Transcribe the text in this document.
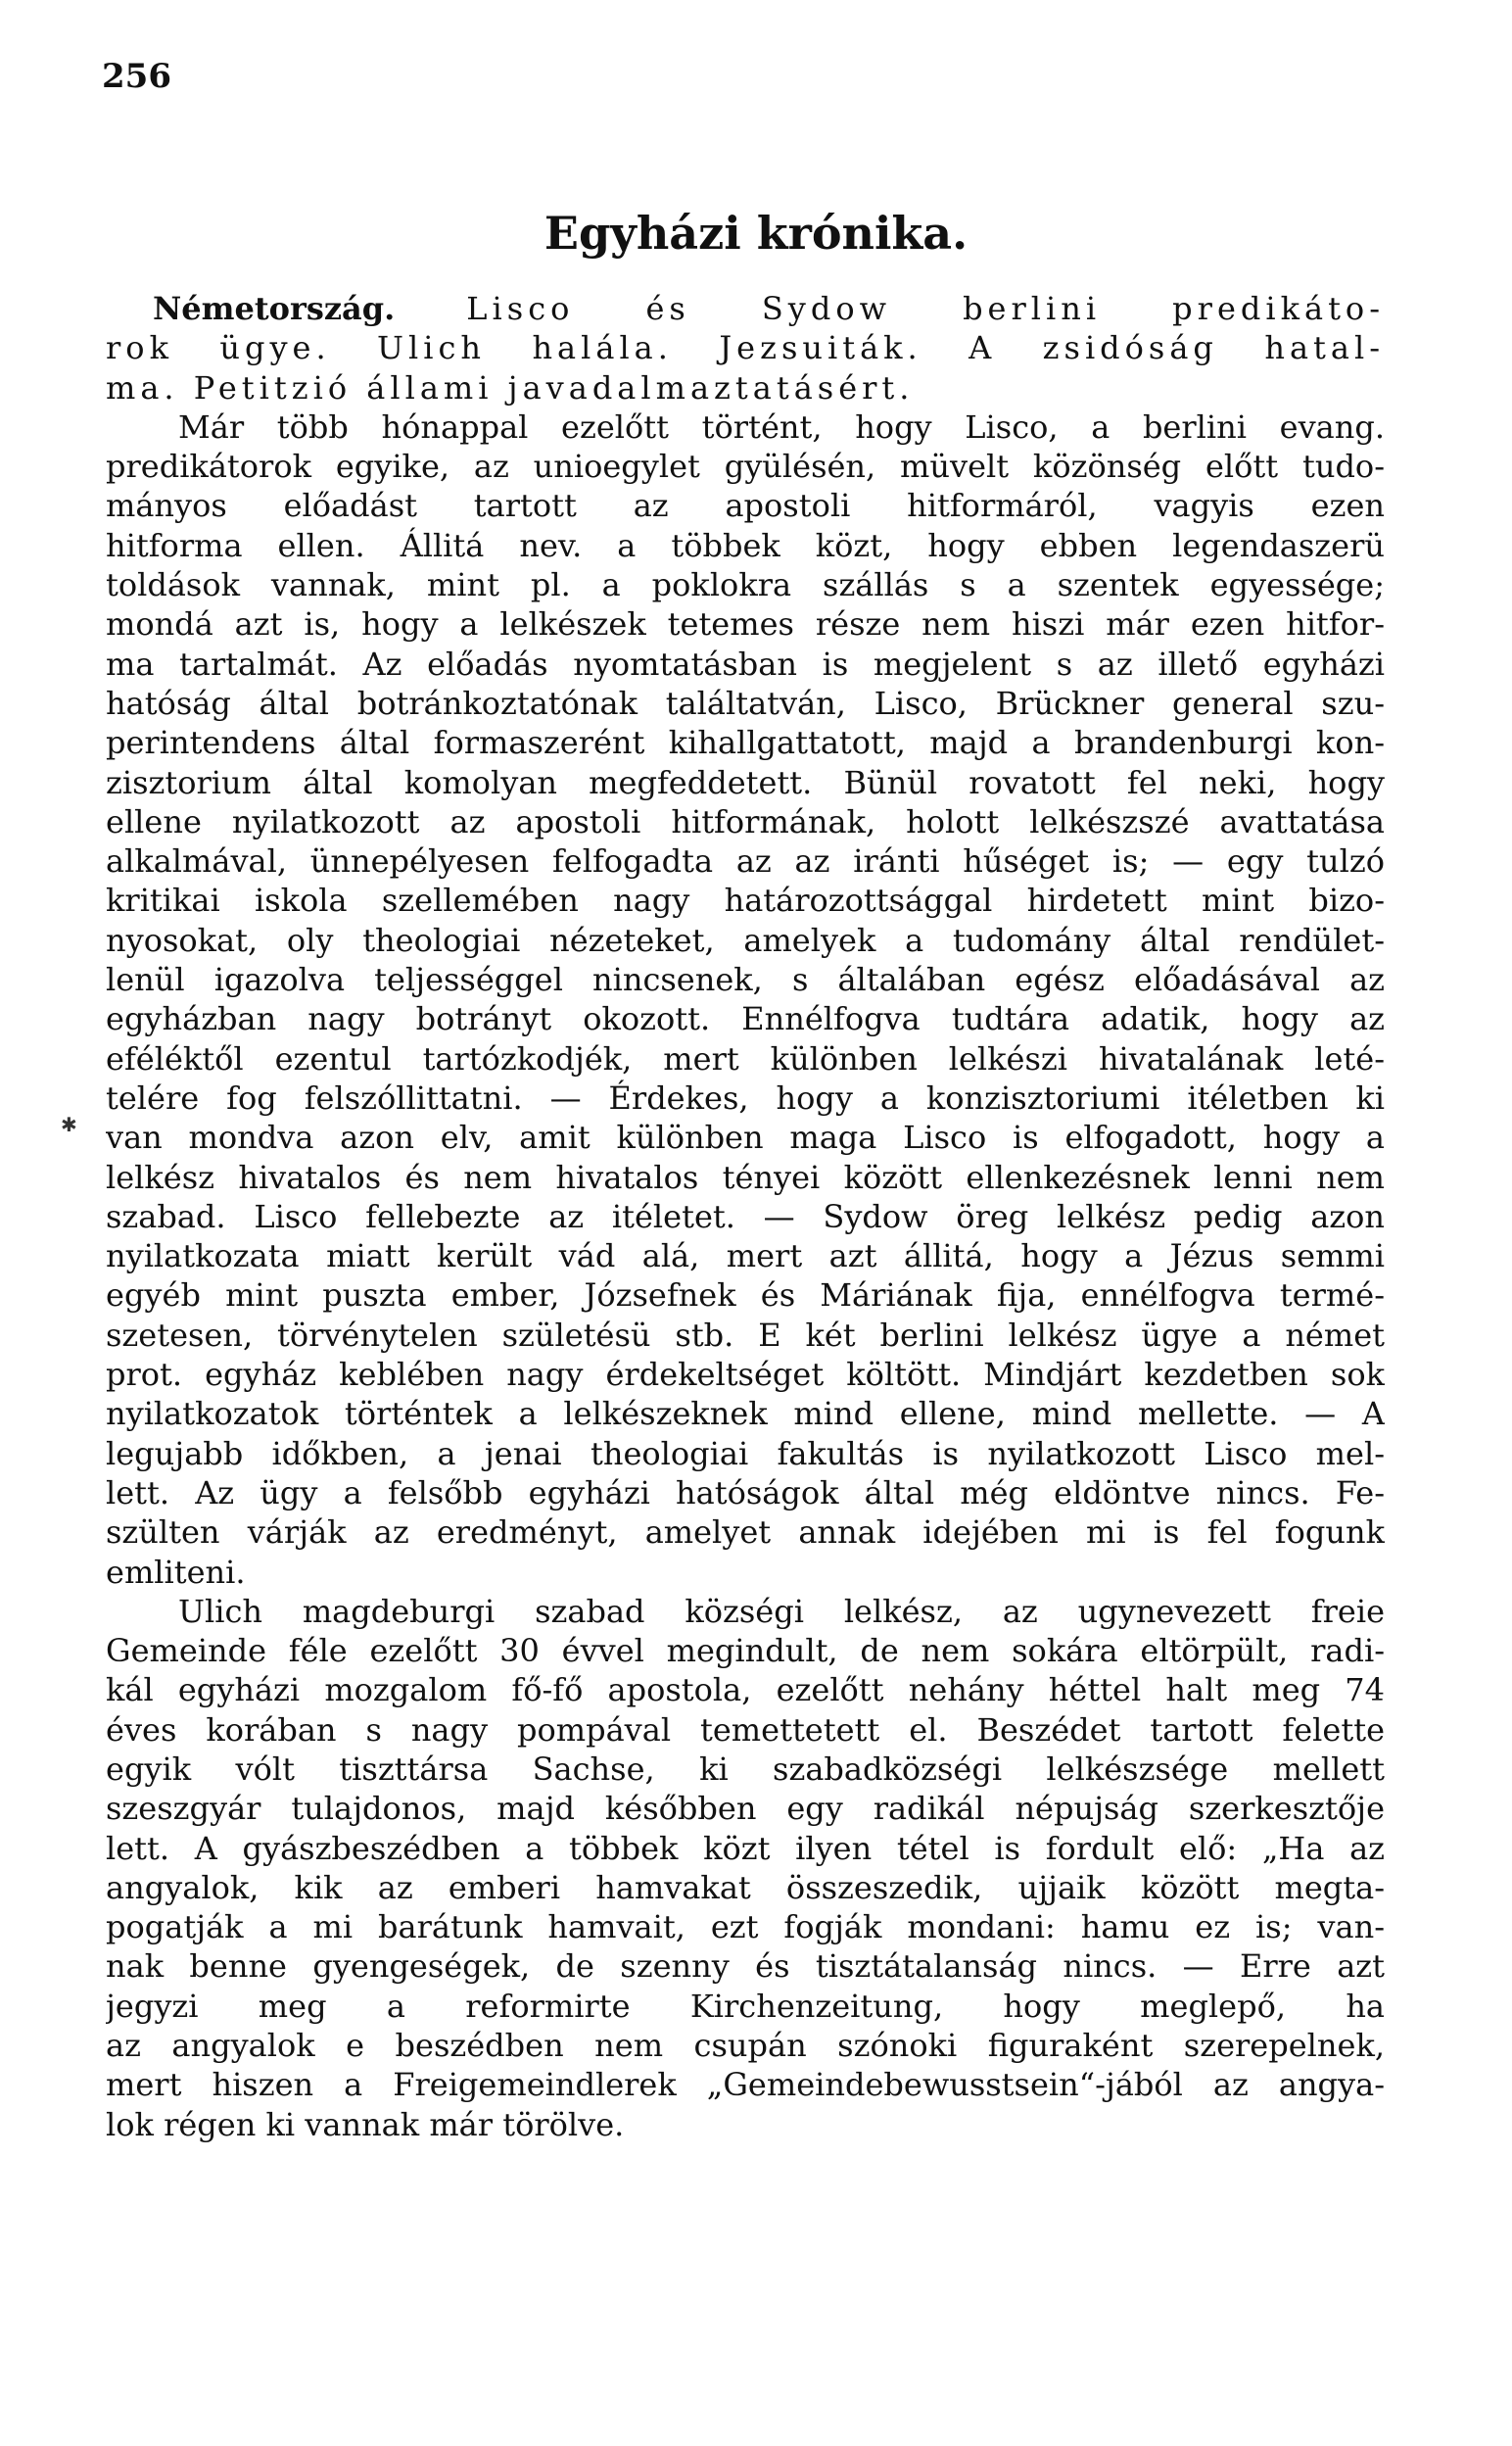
256
Egyházi krónika.
✱
Németország. Lisco és Sydow berlini predikáto-
rok ügye. Ulich halála. Jezsuiták. A zsidóság hatal-
ma. Petitzió állami javadalmaztatásért.
Már több hónappal ezelőtt történt, hogy Lisco, a berlini evang.
predikátorok egyike, az unioegylet gyülésén, müvelt közönség előtt tudo-
mányos előadást tartott az apostoli hitformáról, vagyis ezen
hitforma ellen. Állitá nev. a többek közt, hogy ebben legendaszerü
toldások vannak, mint pl. a poklokra szállás s a szentek egyessége;
mondá azt is, hogy a lelkészek tetemes része nem hiszi már ezen hitfor-
ma tartalmát. Az előadás nyomtatásban is megjelent s az illető egyházi
hatóság által botránkoztatónak találtatván, Lisco, Brückner general szu-
perintendens által formaszerént kihallgattatott, majd a brandenburgi kon-
zisztorium által komolyan megfeddetett. Bünül rovatott fel neki, hogy
ellene nyilatkozott az apostoli hitformának, holott lelkészszé avattatása
alkalmával, ünnepélyesen felfogadta az az iránti hűséget is; — egy tulzó
kritikai iskola szellemében nagy határozottsággal hirdetett mint bizo-
nyosokat, oly theologiai nézeteket, amelyek a tudomány által rendület-
lenül igazolva teljességgel nincsenek, s általában egész előadásával az
egyházban nagy botrányt okozott. Ennélfogva tudtára adatik, hogy az
eféléktől ezentul tartózkodjék, mert különben lelkészi hivatalának leté-
telére fog felszóllittatni. — Érdekes, hogy a konzisztoriumi itéletben ki
van mondva azon elv, amit különben maga Lisco is elfogadott, hogy a
lelkész hivatalos és nem hivatalos tényei között ellenkezésnek lenni nem
szabad. Lisco fellebezte az itéletet. — Sydow öreg lelkész pedig azon
nyilatkozata miatt került vád alá, mert azt állitá, hogy a Jézus semmi
egyéb mint puszta ember, Józsefnek és Máriának fija, ennélfogva termé-
szetesen, törvénytelen születésü stb. E két berlini lelkész ügye a német
prot. egyház keblében nagy érdekeltséget költött. Mindjárt kezdetben sok
nyilatkozatok történtek a lelkészeknek mind ellene, mind mellette. — A
legujabb időkben, a jenai theologiai fakultás is nyilatkozott Lisco mel-
lett. Az ügy a felsőbb egyházi hatóságok által még eldöntve nincs. Fe-
szülten várják az eredményt, amelyet annak idejében mi is fel fogunk
emliteni.
Ulich magdeburgi szabad községi lelkész, az ugynevezett freie
Gemeinde féle ezelőtt 30 évvel megindult, de nem sokára eltörpült, radi-
kál egyházi mozgalom fő-fő apostola, ezelőtt nehány héttel halt meg 74
éves korában s nagy pompával temettetett el. Beszédet tartott felette
egyik vólt tiszttársa Sachse, ki szabadközségi lelkészsége mellett
szeszgyár tulajdonos, majd későbben egy radikál népujság szerkesztője
lett. A gyászbeszédben a többek közt ilyen tétel is fordult elő: „Ha az
angyalok, kik az emberi hamvakat összeszedik, ujjaik között megta-
pogatják a mi barátunk hamvait, ezt fogják mondani: hamu ez is; van-
nak benne gyengeségek, de szenny és tisztátalanság nincs. — Erre azt
jegyzi meg a reformirte Kirchenzeitung, hogy meglepő, ha
az angyalok e beszédben nem csupán szónoki figuraként szerepelnek,
mert hiszen a Freigemeindlerek „Gemeindebewusstsein“-jából az angya-
lok régen ki vannak már törölve.
